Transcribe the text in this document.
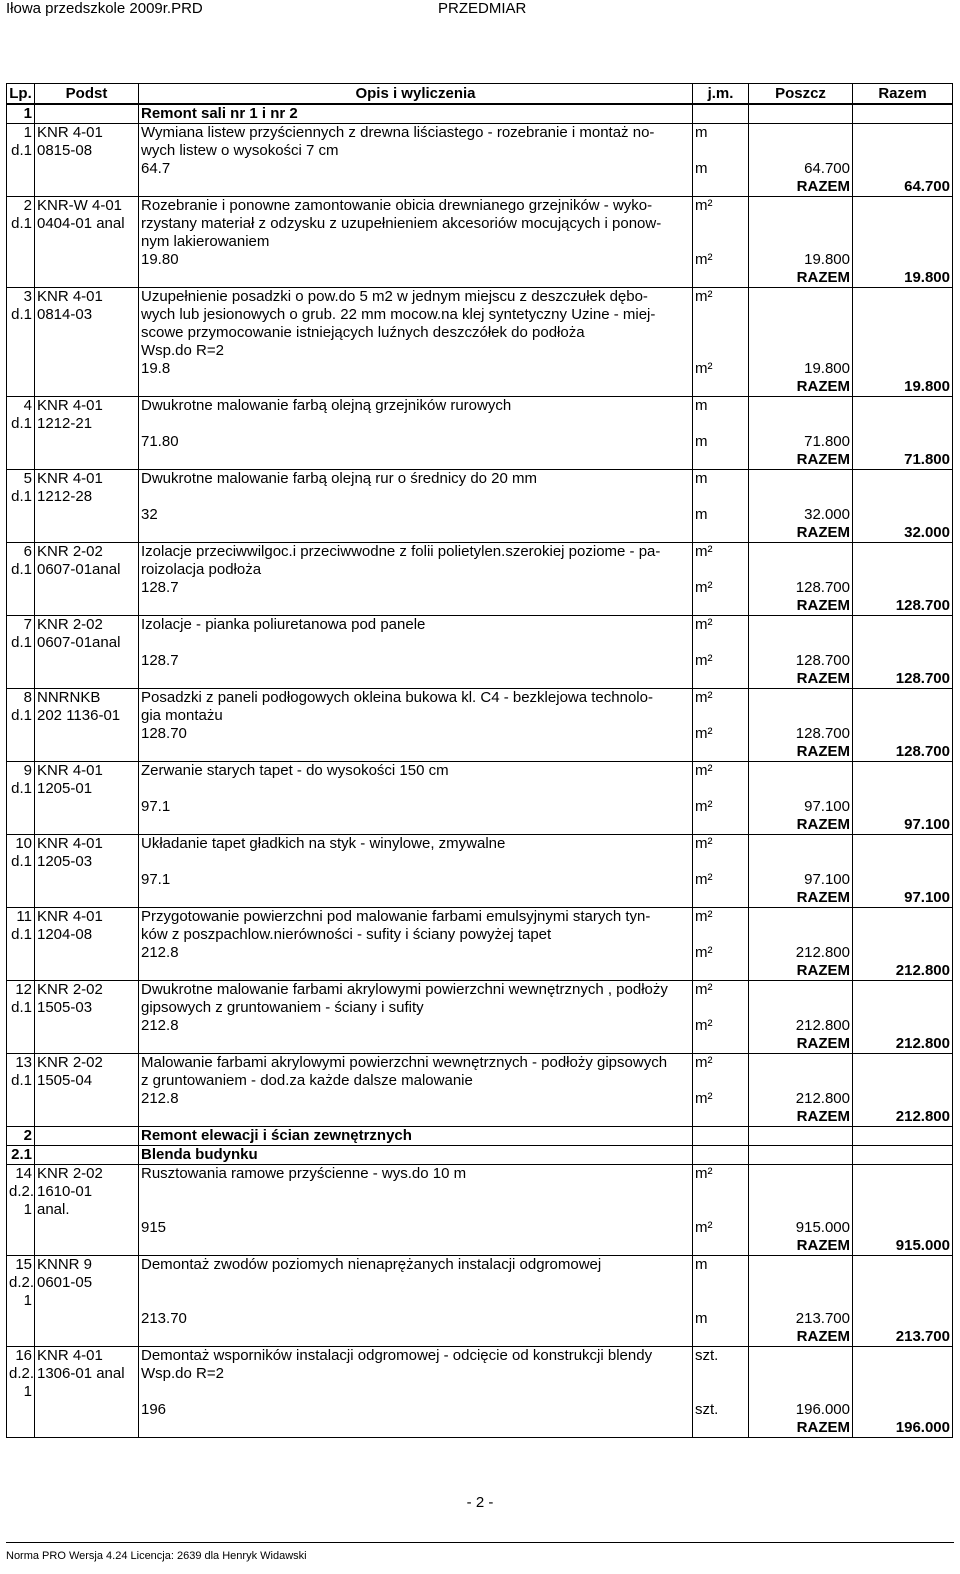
Iłowa przedszkole 2009r.PRD	PRZEDMIAR
Lp.	Podst	Opis i wyliczenia	j.m.	Poszcz	Razem
1		Remont sali nr 1 i nr 2			
1	KNR 4-01	Wymiana listew przyściennych z drewna liściastego - rozebranie i montaż no-	m		
d.1	0815-08	wych listew o wysokości 7 cm			
		64.7	m	64.700	
				RAZEM	64.700
2	KNR-W 4-01	Rozebranie i ponowne zamontowanie obicia drewnianego grzejników - wyko-	m²		
d.1	0404-01 anal	rzystany materiał z odzysku z uzupełnieniem akcesoriów mocujących i ponow-			
		nym lakierowaniem			
		19.80	m²	19.800	
				RAZEM	19.800
3	KNR 4-01	Uzupełnienie posadzki o pow.do 5 m2 w jednym miejscu z deszczułek dębo-	m²		
d.1	0814-03	wych lub jesionowych o grub. 22 mm mocow.na klej syntetyczny Uzine - miej-			
		scowe przymocowanie istniejących luźnych deszczółek do podłoża			
		Wsp.do R=2			
		19.8	m²	19.800	
				RAZEM	19.800
4	KNR 4-01	Dwukrotne malowanie farbą olejną grzejników rurowych	m		
d.1	1212-21				
		71.80	m	71.800	
				RAZEM	71.800
5	KNR 4-01	Dwukrotne malowanie farbą olejną rur o średnicy do 20 mm	m		
d.1	1212-28				
		32	m	32.000	
				RAZEM	32.000
6	KNR 2-02	Izolacje przeciwwilgoc.i przeciwwodne z folii polietylen.szerokiej poziome - pa-	m²		
d.1	0607-01anal	roizolacja podłoża			
		128.7	m²	128.700	
				RAZEM	128.700
7	KNR 2-02	Izolacje - pianka poliuretanowa pod panele	m²		
d.1	0607-01anal				
		128.7	m²	128.700	
				RAZEM	128.700
8	NNRNKB	Posadzki z paneli podłogowych okleina bukowa kl. C4 - bezklejowa technolo-	m²		
d.1	202 1136-01	gia montażu			
		128.70	m²	128.700	
				RAZEM	128.700
9	KNR 4-01	Zerwanie starych tapet - do wysokości 150 cm	m²		
d.1	1205-01				
		97.1	m²	97.100	
				RAZEM	97.100
10	KNR 4-01	Układanie tapet gładkich na styk - winylowe, zmywalne	m²		
d.1	1205-03				
		97.1	m²	97.100	
				RAZEM	97.100
11	KNR 4-01	Przygotowanie powierzchni pod malowanie farbami emulsyjnymi starych tyn-	m²		
d.1	1204-08	ków z poszpachlow.nierówności - sufity i ściany powyżej tapet			
		212.8	m²	212.800	
				RAZEM	212.800
12	KNR 2-02	Dwukrotne malowanie farbami akrylowymi powierzchni wewnętrznych , podłoży	m²		
d.1	1505-03	gipsowych z gruntowaniem - ściany i sufity			
		212.8	m²	212.800	
				RAZEM	212.800
13	KNR 2-02	Malowanie farbami akrylowymi powierzchni wewnętrznych - podłoży gipsowych	m²		
d.1	1505-04	z gruntowaniem - dod.za każde dalsze malowanie			
		212.8	m²	212.800	
				RAZEM	212.800
2		Remont elewacji i ścian zewnętrznych			
2.1		Blenda budynku			
14	KNR 2-02	Rusztowania ramowe przyścienne - wys.do 10 m	m²		
d.2.	1610-01				
1	anal.				
		915	m²	915.000	
				RAZEM	915.000
15	KNNR 9	Demontaż zwodów poziomych nienaprężanych instalacji odgromowej	m		
d.2.	0601-05				
1					
		213.70	m	213.700	
				RAZEM	213.700
16	KNR 4-01	Demontaż wsporników instalacji odgromowej - odcięcie od konstrukcji blendy	szt.		
d.2.	1306-01 anal	Wsp.do R=2			
1					
		196	szt.	196.000	
				RAZEM	196.000
- 2 -
Norma PRO Wersja 4.24 Licencja: 2639 dla Henryk Widawski
